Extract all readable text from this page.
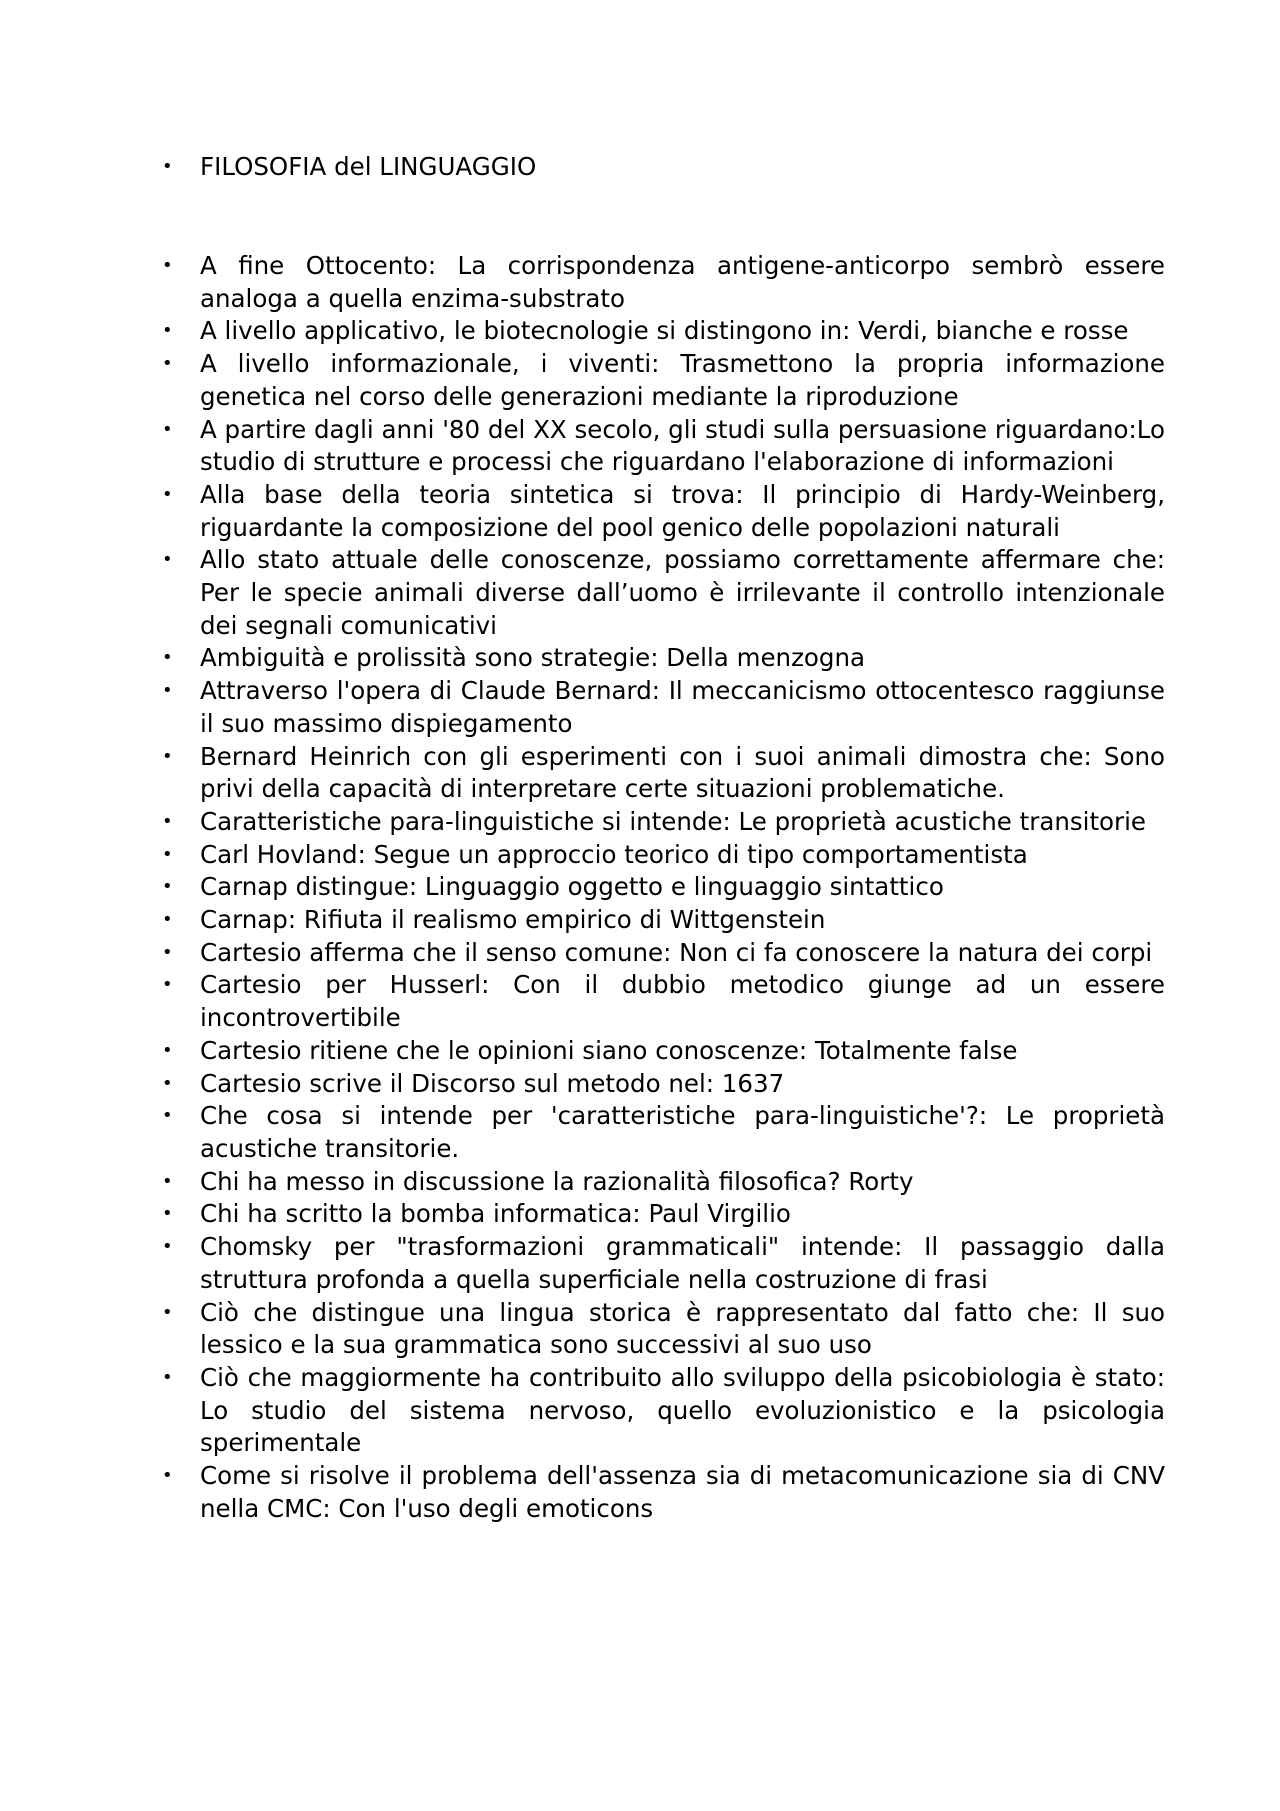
• FILOSOFIA del LINGUAGGIO
• A fine Ottocento: La corrispondenza antigene-anticorpo sembrò essere analoga a quella enzima-substrato
• A livello applicativo, le biotecnologie si distingono in: Verdi, bianche e rosse
• A livello informazionale, i viventi: Trasmettono la propria informazione genetica nel corso delle generazioni mediante la riproduzione
• A partire dagli anni '80 del XX secolo, gli studi sulla persuasione riguardano:Lo studio di strutture e processi che riguardano l'elaborazione di informazioni
• Alla base della teoria sintetica si trova: Il principio di Hardy-Weinberg, riguardante la composizione del pool genico delle popolazioni naturali
• Allo stato attuale delle conoscenze, possiamo correttamente affermare che: Per le specie animali diverse dall’uomo è irrilevante il controllo intenzionale dei segnali comunicativi
• Ambiguità e prolissità sono strategie: Della menzogna
• Attraverso l'opera di Claude Bernard: Il meccanicismo ottocentesco raggiunse il suo massimo dispiegamento
• Bernard Heinrich con gli esperimenti con i suoi animali dimostra che: Sono privi della capacità di interpretare certe situazioni problematiche.
• Caratteristiche para-linguistiche si intende: Le proprietà acustiche transitorie
• Carl Hovland: Segue un approccio teorico di tipo comportamentista
• Carnap distingue: Linguaggio oggetto e linguaggio sintattico
• Carnap: Rifiuta il realismo empirico di Wittgenstein
• Cartesio afferma che il senso comune: Non ci fa conoscere la natura dei corpi
• Cartesio per Husserl: Con il dubbio metodico giunge ad un essere incontrovertibile
• Cartesio ritiene che le opinioni siano conoscenze: Totalmente false
• Cartesio scrive il Discorso sul metodo nel: 1637
• Che cosa si intende per 'caratteristiche para-linguistiche'?: Le proprietà acustiche transitorie.
• Chi ha messo in discussione la razionalità filosofica? Rorty
• Chi ha scritto la bomba informatica: Paul Virgilio
• Chomsky per "trasformazioni grammaticali" intende: Il passaggio dalla struttura profonda a quella superficiale nella costruzione di frasi
• Ciò che distingue una lingua storica è rappresentato dal fatto che: Il suo lessico e la sua grammatica sono successivi al suo uso
• Ciò che maggiormente ha contribuito allo sviluppo della psicobiologia è stato: Lo studio del sistema nervoso, quello evoluzionistico e la psicologia sperimentale
• Come si risolve il problema dell'assenza sia di metacomunicazione sia di CNV nella CMC: Con l'uso degli emoticons
